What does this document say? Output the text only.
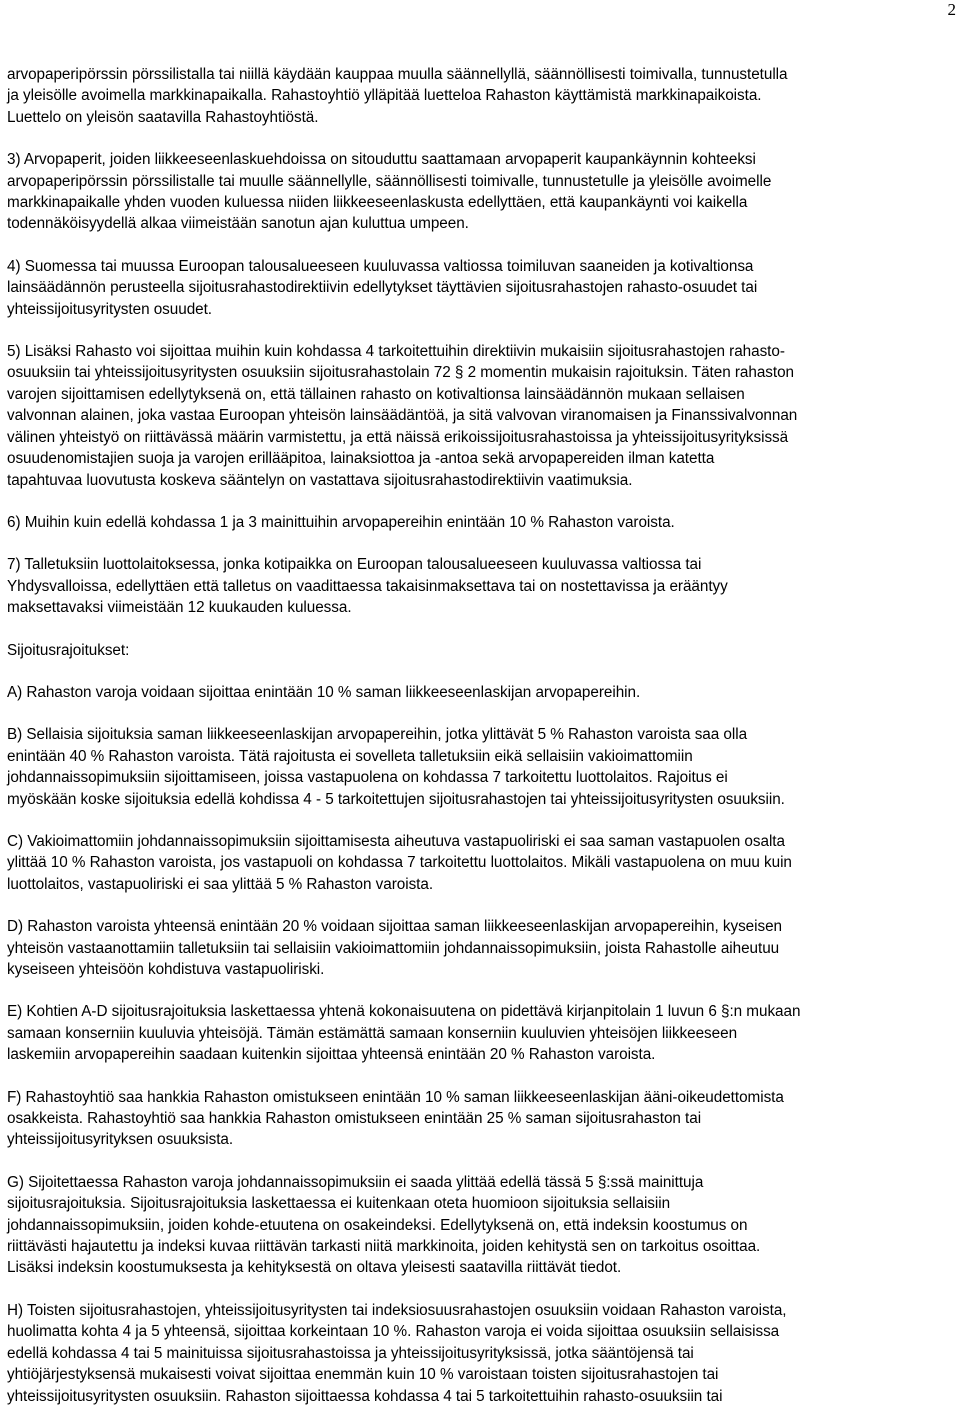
2
arvopaperipörssin pörssilistalla tai niillä käydään kauppaa muulla säännellyllä, säännöllisesti toimivalla, tunnustetulla
ja yleisölle avoimella markkinapaikalla. Rahastoyhtiö ylläpitää luetteloa Rahaston käyttämistä markkinapaikoista.
Luettelo on yleisön saatavilla Rahastoyhtiöstä.
3) Arvopaperit, joiden liikkeeseenlaskuehdoissa on sitouduttu saattamaan arvopaperit kaupankäynnin kohteeksi
arvopaperipörssin pörssilistalle tai muulle säännellylle, säännöllisesti toimivalle, tunnustetulle ja yleisölle avoimelle
markkinapaikalle yhden vuoden kuluessa niiden liikkeeseenlaskusta edellyttäen, että kaupankäynti voi kaikella
todennäköisyydellä alkaa viimeistään sanotun ajan kuluttua umpeen.
4) Suomessa tai muussa Euroopan talousalueeseen kuuluvassa valtiossa toimiluvan saaneiden ja kotivaltionsa
lainsäädännön perusteella sijoitusrahastodirektiivin edellytykset täyttävien sijoitusrahastojen rahasto-osuudet tai
yhteissijoitusyritysten osuudet.
5) Lisäksi Rahasto voi sijoittaa muihin kuin kohdassa 4 tarkoitettuihin direktiivin mukaisiin sijoitusrahastojen rahasto-
osuuksiin tai yhteissijoitusyritysten osuuksiin sijoitusrahastolain 72 § 2 momentin mukaisin rajoituksin. Täten rahaston
varojen sijoittamisen edellytyksenä on, että tällainen rahasto on kotivaltionsa lainsäädännön mukaan sellaisen
valvonnan alainen, joka vastaa Euroopan yhteisön lainsäädäntöä, ja sitä valvovan viranomaisen ja Finanssivalvonnan
välinen yhteistyö on riittävässä määrin varmistettu, ja että näissä erikoissijoitusrahastoissa ja yhteissijoitusyrityksissä
osuudenomistajien suoja ja varojen erillääpitoa, lainaksiottoa ja -antoa sekä arvopapereiden ilman katetta
tapahtuvaa luovutusta koskeva sääntelyn on vastattava sijoitusrahastodirektiivin vaatimuksia.
6) Muihin kuin edellä kohdassa 1 ja 3 mainittuihin arvopapereihin enintään 10 % Rahaston varoista.
7) Talletuksiin luottolaitoksessa, jonka kotipaikka on Euroopan talousalueeseen kuuluvassa valtiossa tai
Yhdysvalloissa, edellyttäen että talletus on vaadittaessa takaisinmaksettava tai on nostettavissa ja erääntyy
maksettavaksi viimeistään 12 kuukauden kuluessa.
Sijoitusrajoitukset:
A) Rahaston varoja voidaan sijoittaa enintään 10 % saman liikkeeseenlaskijan arvopapereihin.
B) Sellaisia sijoituksia saman liikkeeseenlaskijan arvopapereihin, jotka ylittävät 5 % Rahaston varoista saa olla
enintään 40 % Rahaston varoista. Tätä rajoitusta ei sovelleta talletuksiin eikä sellaisiin vakioimattomiin
johdannaissopimuksiin sijoittamiseen, joissa vastapuolena on kohdassa 7 tarkoitettu luottolaitos. Rajoitus ei
myöskään koske sijoituksia edellä kohdissa 4 - 5 tarkoitettujen sijoitusrahastojen tai yhteissijoitusyritysten osuuksiin.
C) Vakioimattomiin johdannaissopimuksiin sijoittamisesta aiheutuva vastapuoliriski ei saa saman vastapuolen osalta
ylittää 10 % Rahaston varoista, jos vastapuoli on kohdassa 7 tarkoitettu luottolaitos. Mikäli vastapuolena on muu kuin
luottolaitos, vastapuoliriski ei saa ylittää 5 % Rahaston varoista.
D) Rahaston varoista yhteensä enintään 20 % voidaan sijoittaa saman liikkeeseenlaskijan arvopapereihin, kyseisen
yhteisön vastaanottamiin talletuksiin tai sellaisiin vakioimattomiin johdannaissopimuksiin, joista Rahastolle aiheutuu
kyseiseen yhteisöön kohdistuva vastapuoliriski.
E) Kohtien A-D sijoitusrajoituksia laskettaessa yhtenä kokonaisuutena on pidettävä kirjanpitolain 1 luvun 6 §:n mukaan
samaan konserniin kuuluvia yhteisöjä. Tämän estämättä samaan konserniin kuuluvien yhteisöjen liikkeeseen
laskemiin arvopapereihin saadaan kuitenkin sijoittaa yhteensä enintään 20 % Rahaston varoista.
F) Rahastoyhtiö saa hankkia Rahaston omistukseen enintään 10 % saman liikkeeseenlaskijan ääni-oikeudettomista
osakkeista. Rahastoyhtiö saa hankkia Rahaston omistukseen enintään 25 % saman sijoitusrahaston tai
yhteissijoitusyrityksen osuuksista.
G) Sijoitettaessa Rahaston varoja johdannaissopimuksiin ei saada ylittää edellä tässä 5 §:ssä mainittuja
sijoitusrajoituksia. Sijoitusrajoituksia laskettaessa ei kuitenkaan oteta huomioon sijoituksia sellaisiin
johdannaissopimuksiin, joiden kohde-etuutena on osakeindeksi. Edellytyksenä on, että indeksin koostumus on
riittävästi hajautettu ja indeksi kuvaa riittävän tarkasti niitä markkinoita, joiden kehitystä sen on tarkoitus osoittaa.
Lisäksi indeksin koostumuksesta ja kehityksestä on oltava yleisesti saatavilla riittävät tiedot.
H) Toisten sijoitusrahastojen, yhteissijoitusyritysten tai indeksiosuusrahastojen osuuksiin voidaan Rahaston varoista,
huolimatta kohta 4 ja 5 yhteensä, sijoittaa korkeintaan 10 %. Rahaston varoja ei voida sijoittaa osuuksiin sellaisissa
edellä kohdassa 4 tai 5 mainituissa sijoitusrahastoissa ja yhteissijoitusyrityksissä, jotka sääntöjensä tai
yhtiöjärjestyksensä mukaisesti voivat sijoittaa enemmän kuin 10 % varoistaan toisten sijoitusrahastojen tai
yhteissijoitusyritysten osuuksiin. Rahaston sijoittaessa kohdassa 4 tai 5 tarkoitettuihin rahasto-osuuksiin tai
